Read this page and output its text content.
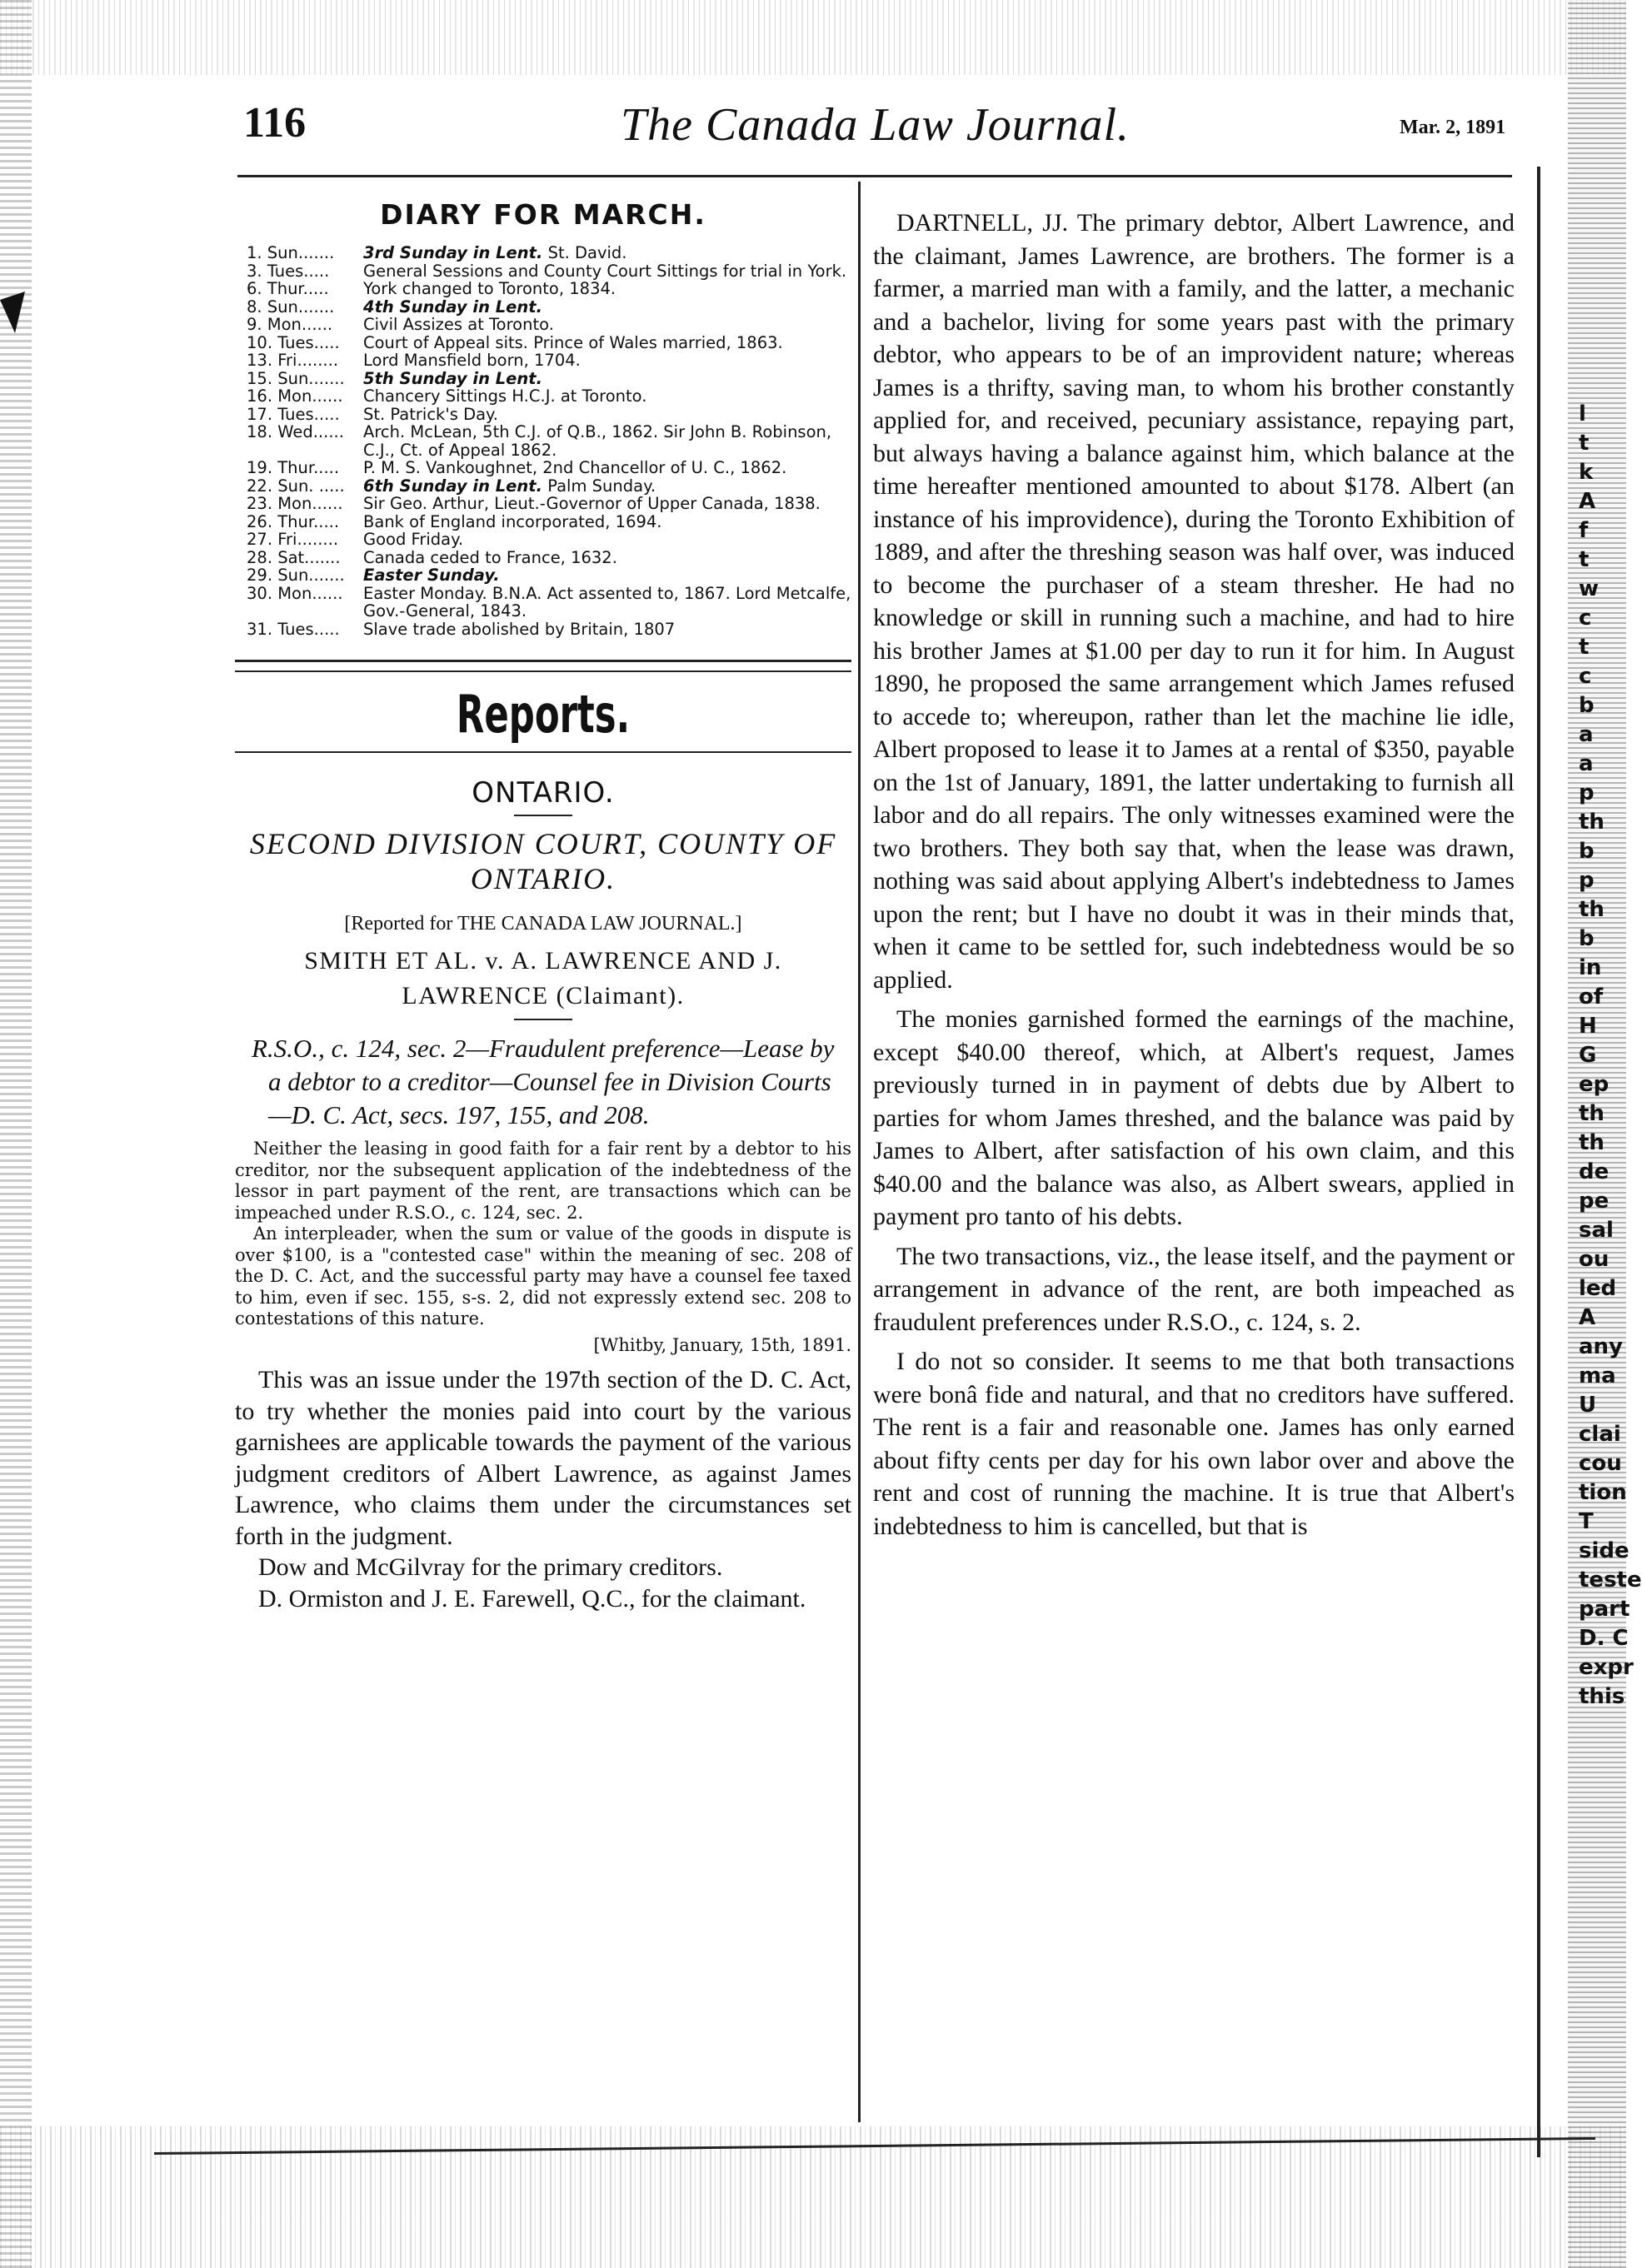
116	The Canada Law Journal.	Mar. 2, 1891
DIARY FOR MARCH.
1. Sun.......	3rd Sunday in Lent. St. David.
3. Tues.....	General Sessions and County Court Sittings for trial in York.
6. Thur.....	York changed to Toronto, 1834.
8. Sun.......	4th Sunday in Lent.
9. Mon......	Civil Assizes at Toronto.
10. Tues.....	Court of Appeal sits. Prince of Wales married, 1863.
13. Fri........	Lord Mansfield born, 1704.
15. Sun.......	5th Sunday in Lent.
16. Mon......	Chancery Sittings H.C.J. at Toronto.
17. Tues.....	St. Patrick's Day.
18. Wed......	Arch. McLean, 5th C.J. of Q.B., 1862. Sir John B. Robinson, C.J., Ct. of Appeal 1862.
19. Thur.....	P. M. S. Vankoughnet, 2nd Chancellor of U. C., 1862.
22. Sun. .....	6th Sunday in Lent. Palm Sunday.
23. Mon......	Sir Geo. Arthur, Lieut.-Governor of Upper Canada, 1838.
26. Thur.....	Bank of England incorporated, 1694.
27. Fri........	Good Friday.
28. Sat.......	Canada ceded to France, 1632.
29. Sun.......	Easter Sunday.
30. Mon......	Easter Monday. B.N.A. Act assented to, 1867. Lord Metcalfe, Gov.-General, 1843.
31. Tues.....	Slave trade abolished by Britain, 1807
Reports.
ONTARIO.
SECOND DIVISION COURT, COUNTY OF ONTARIO.
[Reported for THE CANADA LAW JOURNAL.]
SMITH ET AL. v. A. LAWRENCE AND J. LAWRENCE (Claimant).
R.S.O., c. 124, sec. 2—Fraudulent preference—Lease by a debtor to a creditor—Counsel fee in Division Courts—D. C. Act, secs. 197, 155, and 208.

Neither the leasing in good faith for a fair rent by a debtor to his creditor, nor the subsequent application of the indebtedness of the lessor in part payment of the rent, are transactions which can be impeached under R.S.O., c. 124, sec. 2.

An interpleader, when the sum or value of the goods in dispute is over $100, is a "contested case" within the meaning of sec. 208 of the D. C. Act, and the successful party may have a counsel fee taxed to him, even if sec. 155, s-s. 2, did not expressly extend sec. 208 to contestations of this nature.

[Whitby, January, 15th, 1891.

This was an issue under the 197th section of the D. C. Act, to try whether the monies paid into court by the various garnishees are applicable towards the payment of the various judgment creditors of Albert Lawrence, as against James Lawrence, who claims them under the circumstances set forth in the judgment.

Dow and McGilvray for the primary creditors.

D. Ormiston and J. E. Farewell, Q.C., for the claimant.

DARTNELL, JJ. The primary debtor, Albert Lawrence, and the claimant, James Lawrence, are brothers. The former is a farmer, a married man with a family, and the latter, a mechanic and a bachelor, living for some years past with the primary debtor, who appears to be of an improvident nature; whereas James is a thrifty, saving man, to whom his brother constantly applied for, and received, pecuniary assistance, repaying part, but always having a balance against him, which balance at the time hereafter mentioned amounted to about $178. Albert (an instance of his improvidence), during the Toronto Exhibition of 1889, and after the threshing season was half over, was induced to become the purchaser of a steam thresher. He had no knowledge or skill in running such a machine, and had to hire his brother James at $1.00 per day to run it for him. In August 1890, he proposed the same arrangement which James refused to accede to; whereupon, rather than let the machine lie idle, Albert proposed to lease it to James at a rental of $350, payable on the 1st of January, 1891, the latter undertaking to furnish all labor and do all repairs. The only witnesses examined were the two brothers. They both say that, when the lease was drawn, nothing was said about applying Albert's indebtedness to James upon the rent; but I have no doubt it was in their minds that, when it came to be settled for, such indebtedness would be so applied.

The monies garnished formed the earnings of the machine, except $40.00 thereof, which, at Albert's request, James previously turned in in payment of debts due by Albert to parties for whom James threshed, and the balance was paid by James to Albert, after satisfaction of his own claim, and this $40.00 and the balance was also, as Albert swears, applied in payment pro tanto of his debts.

The two transactions, viz., the lease itself, and the payment or arrangement in advance of the rent, are both impeached as fraudulent preferences under R.S.O., c. 124, s. 2.

I do not so consider. It seems to me that both transactions were bonâ fide and natural, and that no creditors have suffered. The rent is a fair and reasonable one. James has only earned about fifty cents per day for his own labor over and above the rent and cost of running the machine. It is true that Albert's indebtedness to him is cancelled, but that is

l
t
k
A
f
t
w
c
t
c
b
a
a
p
th
b
p
th
b
in
of
H
G
ep
th
th
de
pe
sal
ou
led
A
any
ma
U
clai
cou
tion
T
side
teste
part
D. C
expr
this
